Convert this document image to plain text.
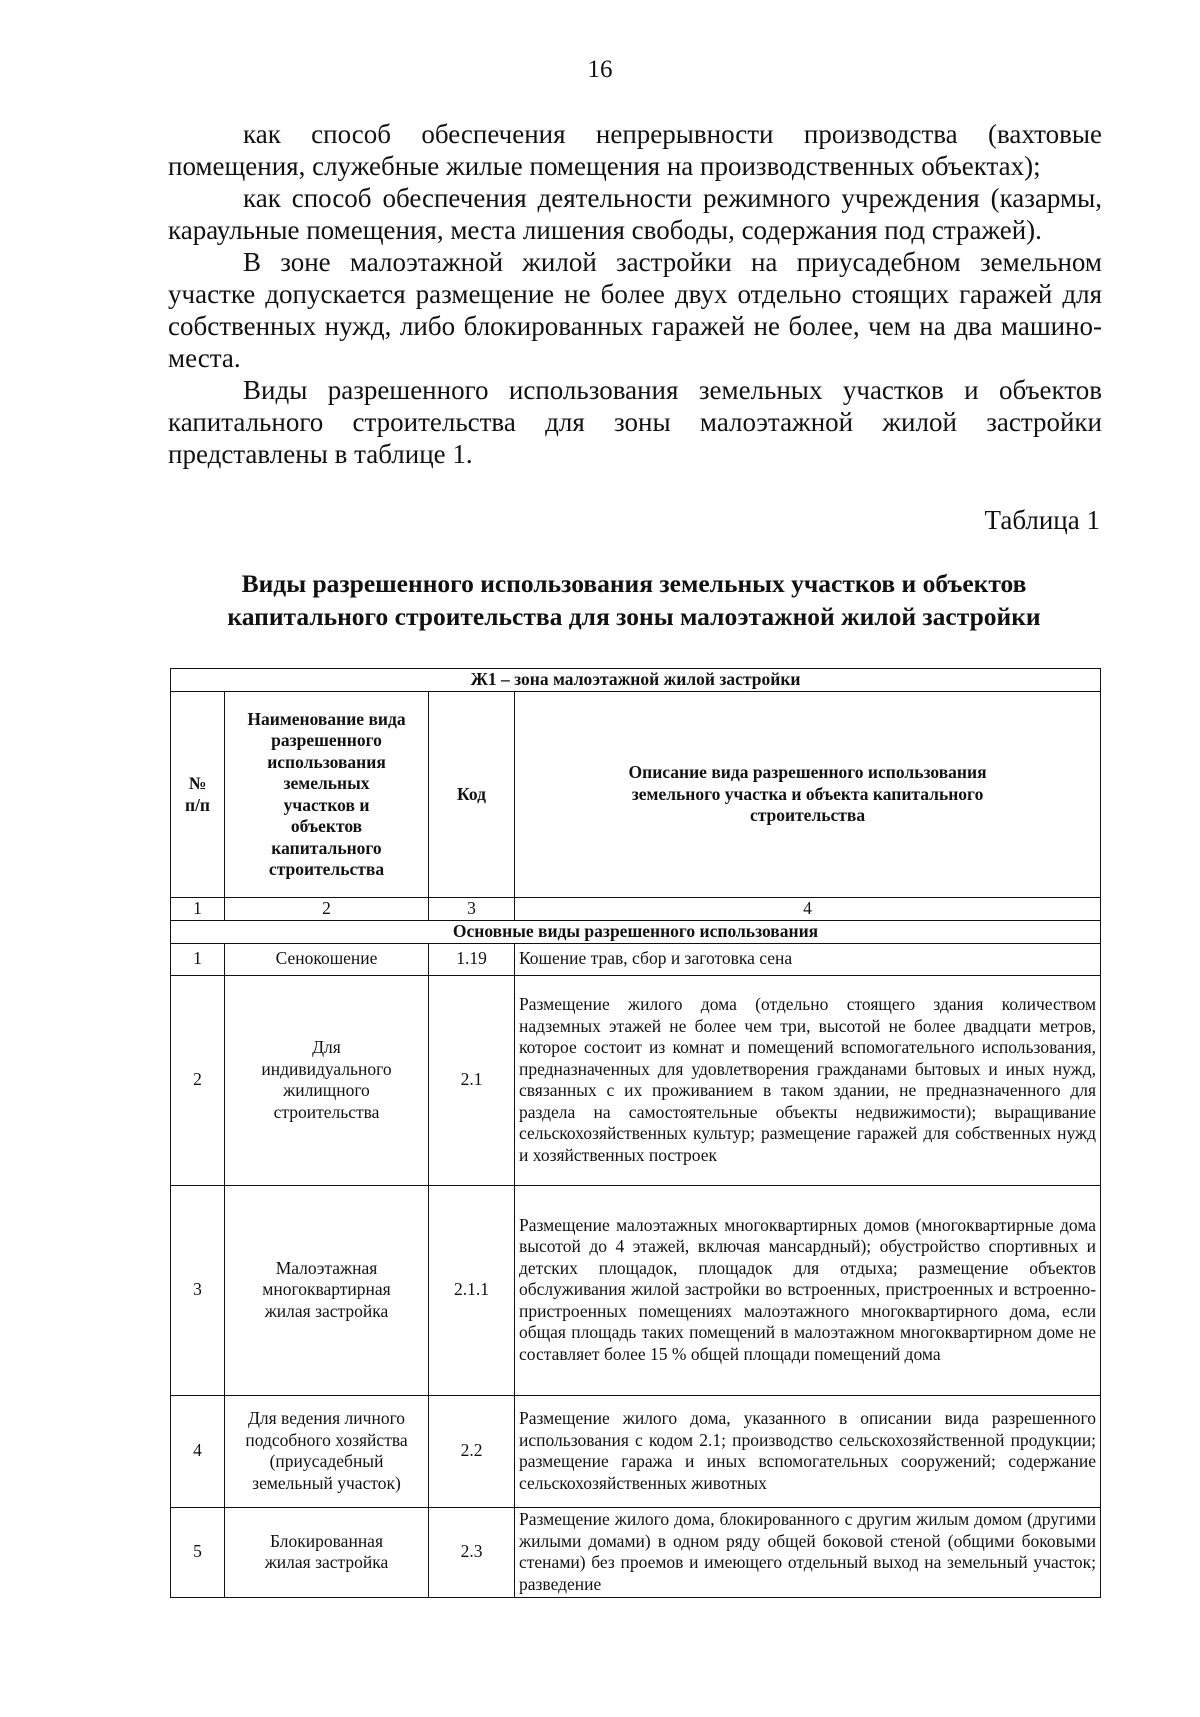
16

как способ обеспечения непрерывности производства (вахтовые помещения, служебные жилые помещения на производственных объектах);

как способ обеспечения деятельности режимного учреждения (казармы, караульные помещения, места лишения свободы, содержания под стражей).

В зоне малоэтажной жилой застройки на приусадебном земельном участке допускается размещение не более двух отдельно стоящих гаражей для собственных нужд, либо блокированных гаражей не более, чем на два машино-места.

Виды разрешенного использования земельных участков и объектов капитального строительства для зоны малоэтажной жилой застройки представлены в таблице 1.

Таблица 1
Виды разрешенного использования земельных участков и объектов капитального строительства для зоны малоэтажной жилой застройки
Ж1 – зона малоэтажной жилой застройки			
№ п/п	Наименование вида разрешенного использования земельных участков и объектов капитального строительства	Код	Описание вида разрешенного использования земельного участка и объекта капитального строительства
1	2	3	4
Основные виды разрешенного использования			
1	Сенокошение	1.19	Кошение трав, сбор и заготовка сена
2	Для индивидуального жилищного строительства	2.1	Размещение жилого дома (отдельно стоящего здания количеством надземных этажей не более чем три, высотой не более двадцати метров, которое состоит из комнат и помещений вспомогательного использования, предназначенных для удовлетворения гражданами бытовых и иных нужд, связанных с их проживанием в таком здании, не предназначенного для раздела на самостоятельные объекты недвижимости); выращивание сельскохозяйственных культур; размещение гаражей для собственных нужд и хозяйственных построек
3	Малоэтажная многоквартирная жилая застройка	2.1.1	Размещение малоэтажных многоквартирных домов (многоквартирные дома высотой до 4 этажей, включая мансардный); обустройство спортивных и детских площадок, площадок для отдыха; размещение объектов обслуживания жилой застройки во встроенных, пристроенных и встроенно-пристроенных помещениях малоэтажного многоквартирного дома, если общая площадь таких помещений в малоэтажном многоквартирном доме не составляет более 15 % общей площади помещений дома
4	Для ведения личного подсобного хозяйства (приусадебный земельный участок)	2.2	Размещение жилого дома, указанного в описании вида разрешенного использования с кодом 2.1; производство сельскохозяйственной продукции; размещение гаража и иных вспомогательных сооружений; содержание сельскохозяйственных животных
5	Блокированная жилая застройка	2.3	Размещение жилого дома, блокированного с другим жилым домом (другими жилыми домами) в одном ряду общей боковой стеной (общими боковыми стенами) без проемов и имеющего отдельный выход на земельный участок; разведение
